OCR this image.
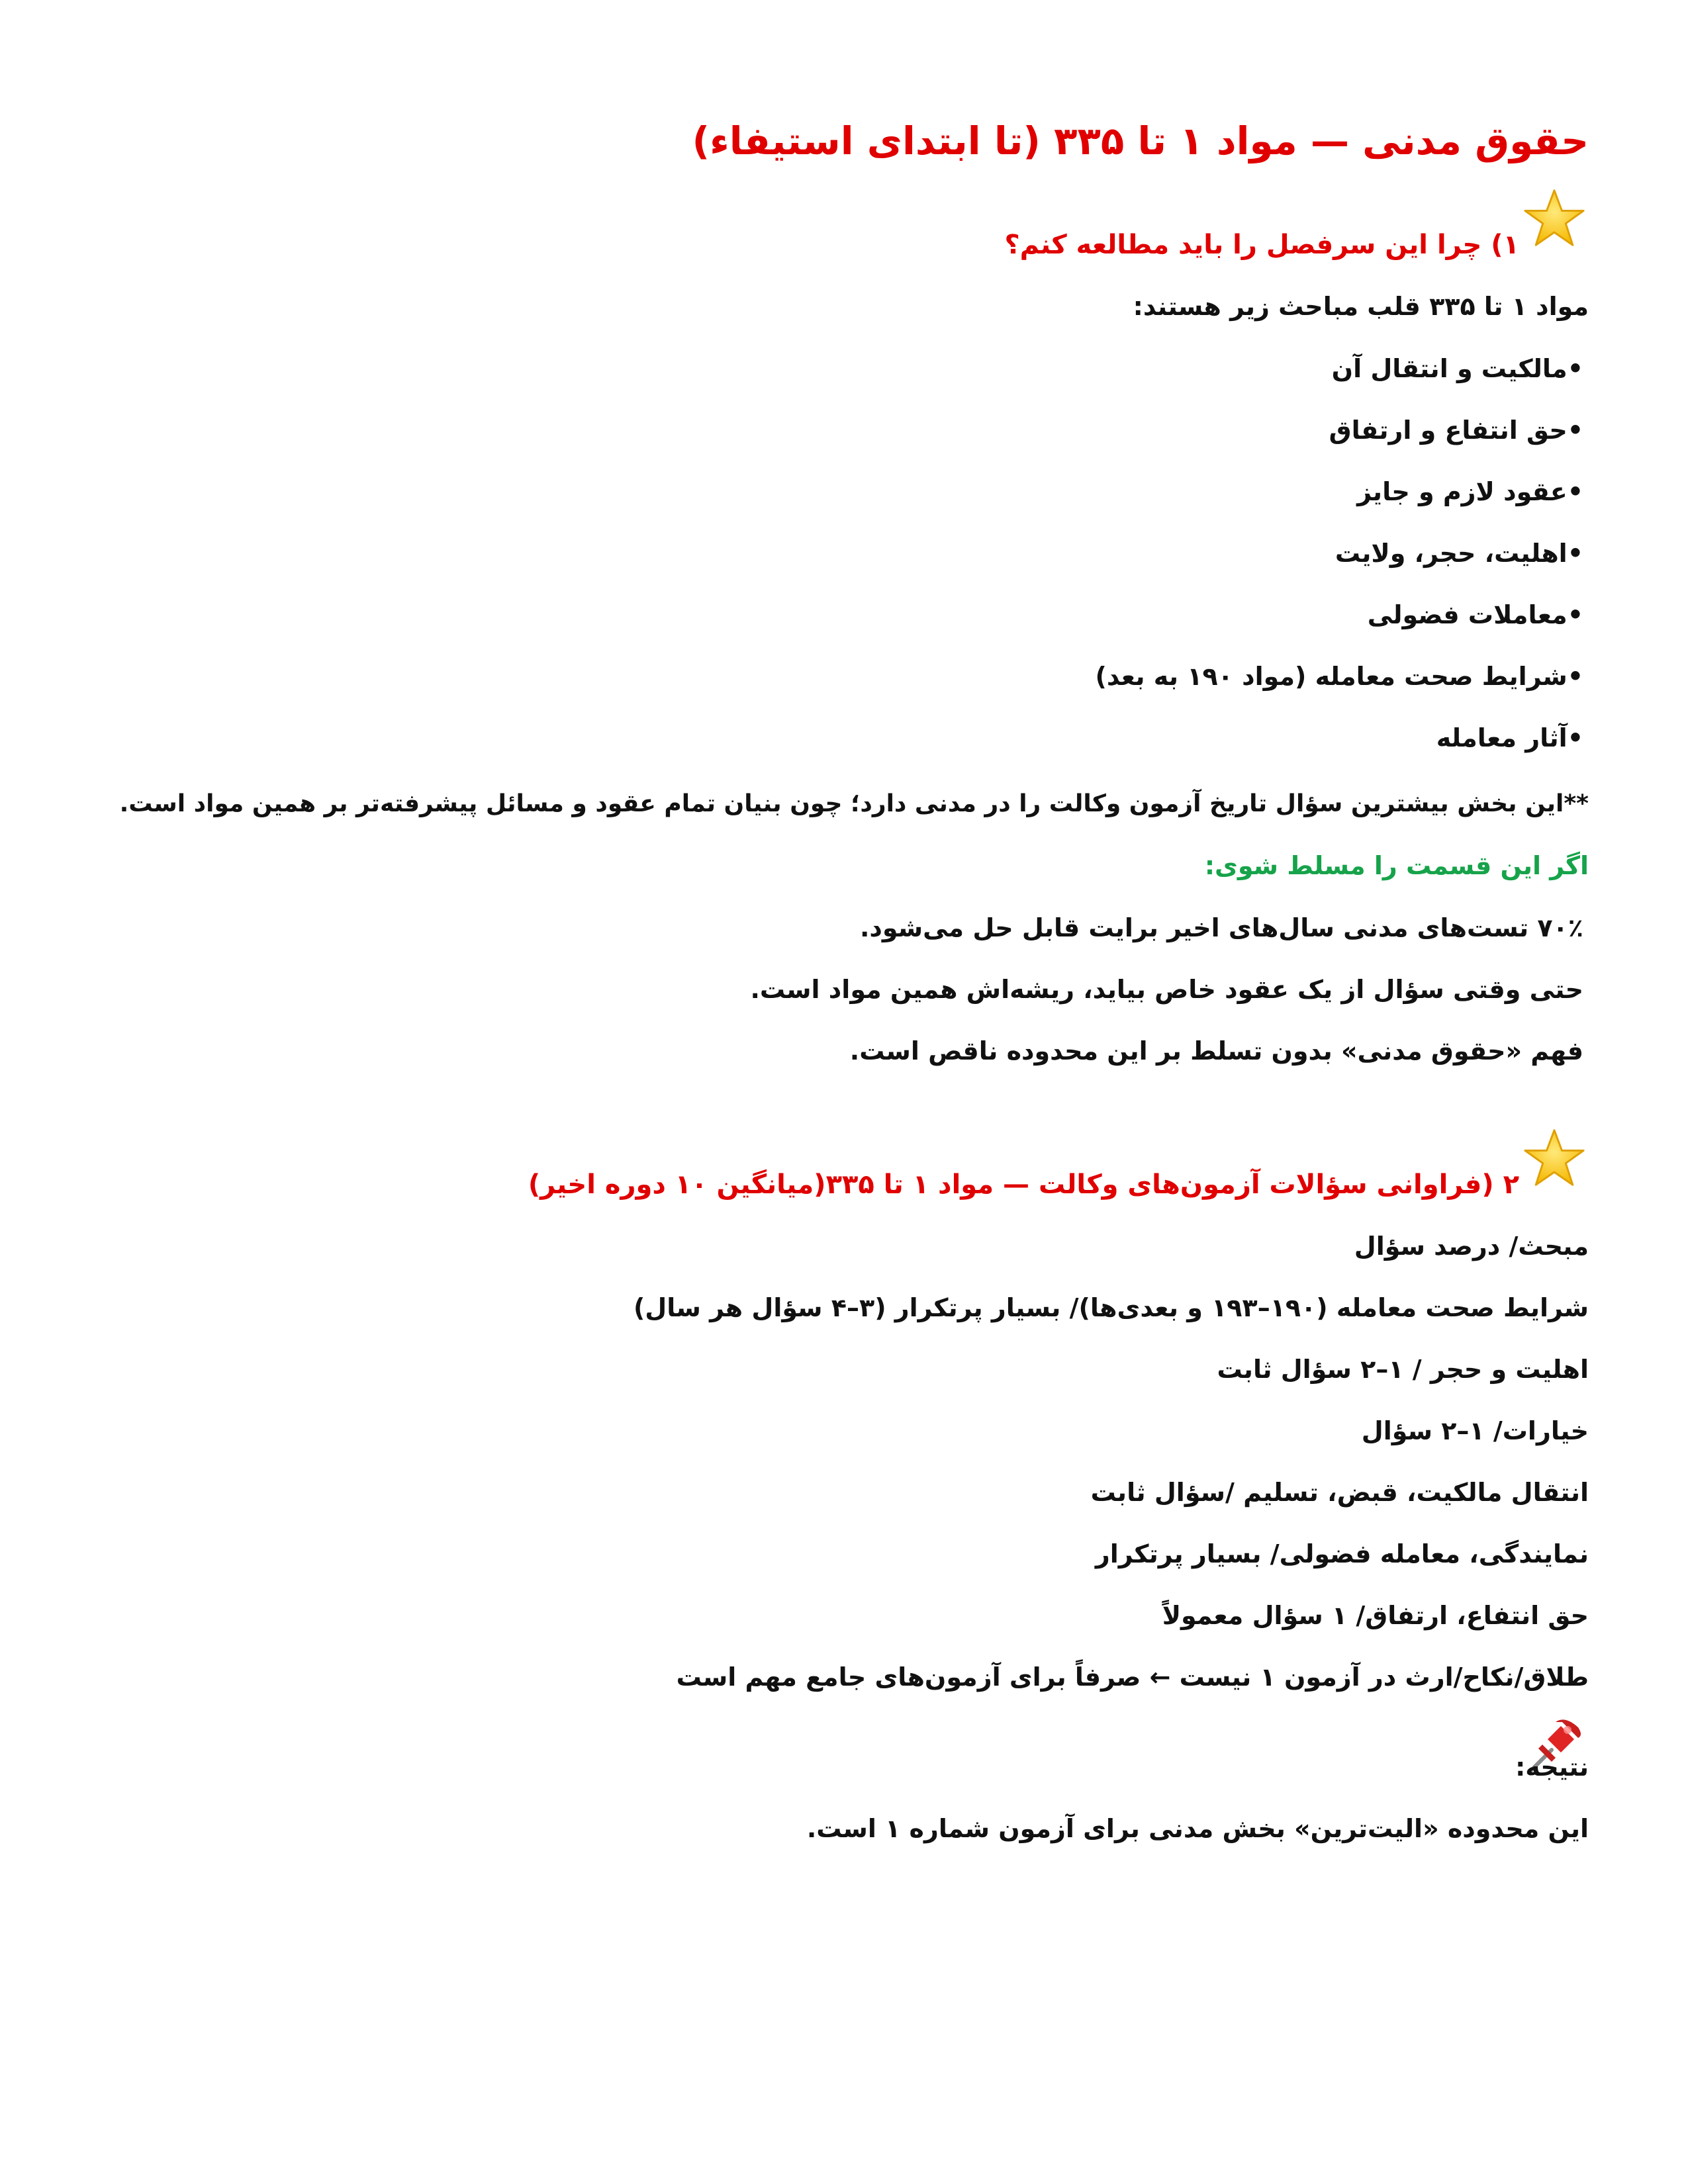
حقوق مدنی — مواد ۱ تا ۳۳۵ (تا ابتدای استیفاء)
۱) چرا این سرفصل را باید مطالعه کنم؟
مواد ۱ تا ۳۳۵ قلب مباحث زیر هستند:
•مالکیت و انتقال آن
•حق انتفاع و ارتفاق
•عقود لازم و جایز
•اهلیت، حجر، ولایت
•معاملات فضولی
•شرایط صحت معامله (مواد ۱۹۰ به بعد)
•آثار معامله
**این بخش بیشترین سؤال تاریخ آزمون وکالت را در مدنی دارد؛ چون بنیان تمام عقود و مسائل پیشرفته‌تر بر همین مواد است.
اگر این قسمت را مسلط شوی:
۷۰٪ تست‌های مدنی سال‌های اخیر برایت قابل حل می‌شود.
حتی وقتی سؤال از یک عقود خاص بیاید، ریشه‌اش همین مواد است.
فهم «حقوق مدنی» بدون تسلط بر این محدوده ناقص است.
۲ (فراوانی سؤالات آزمون‌های وکالت — مواد ۱ تا ۳۳۵(میانگین ۱۰ دوره اخیر)
مبحث/ درصد سؤال
شرایط صحت معامله (۱۹۰–۱۹۳ و بعدی‌ها)/ بسیار پرتکرار (۳–۴ سؤال هر سال)
اهلیت و حجر / ۱–۲ سؤال ثابت
خیارات/ ۱–۲ سؤال
انتقال مالکیت، قبض، تسلیم /سؤال ثابت
نمایندگی، معامله فضولی/ بسیار پرتکرار
حق انتفاع، ارتفاق/ ۱ سؤال معمولاً
طلاق/نکاح/ارث در آزمون ۱ نیست ← صرفاً برای آزمون‌های جامع مهم است
نتیجه:
این محدوده «الیت‌ترین» بخش مدنی برای آزمون شماره ۱ است.
